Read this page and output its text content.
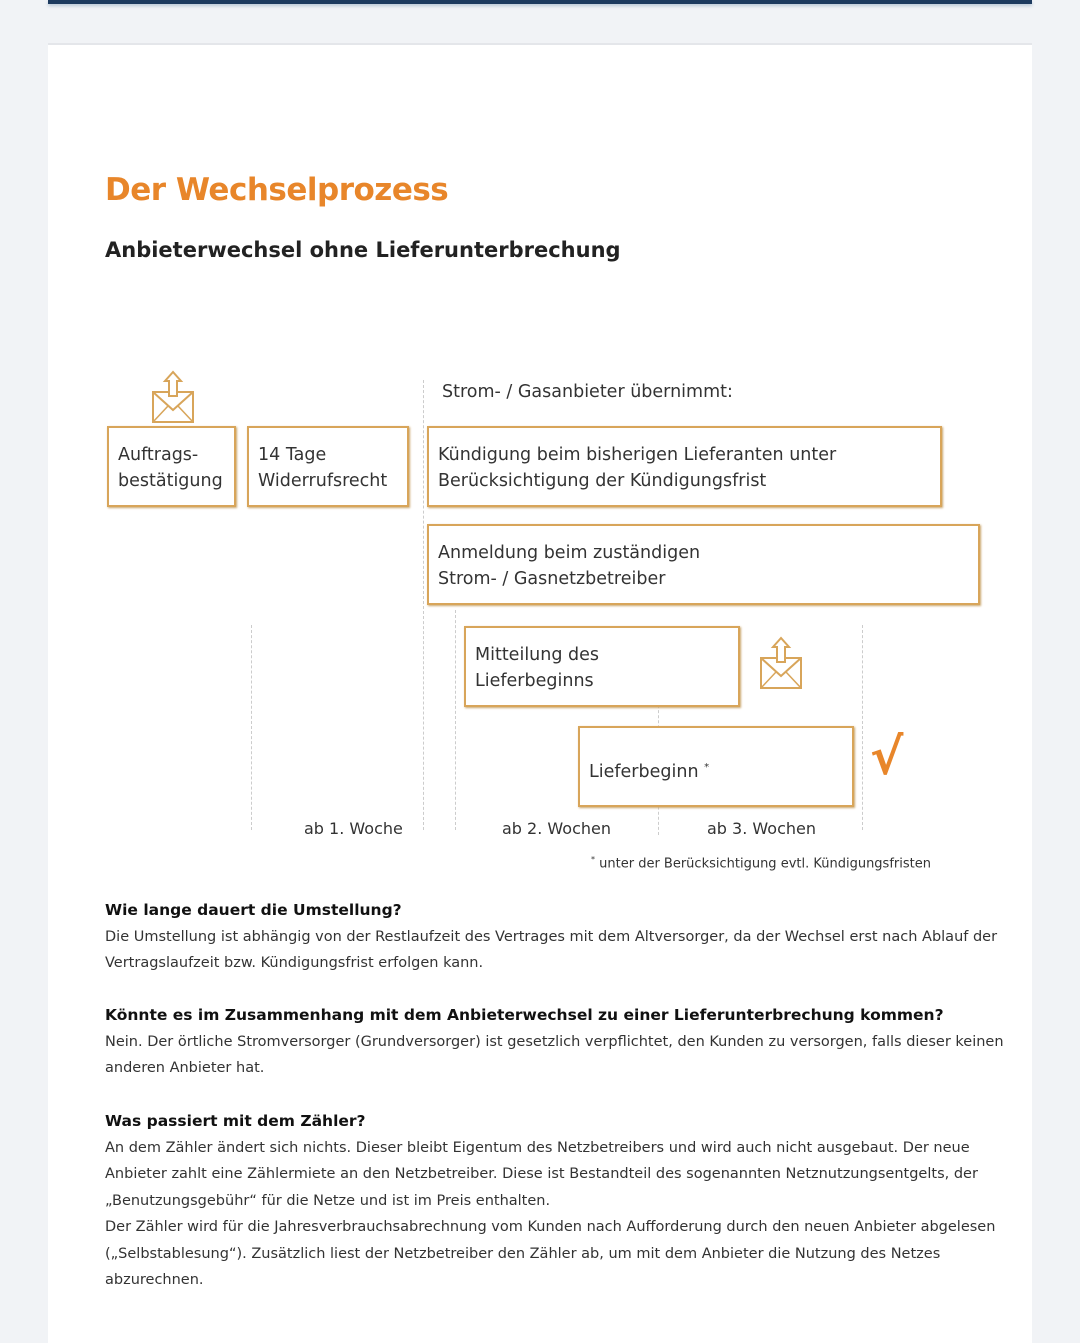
Der Wechselprozess
Anbieterwechsel ohne Lieferunterbrechung
Strom- / Gasanbieter übernimmt:
Auftrags-
bestätigung
14 Tage
Widerrufsrecht
Kündigung beim bisherigen Lieferanten unter
Berücksichtigung der Kündigungsfrist
Anmeldung beim zuständigen
Strom- / Gasnetzbetreiber
Mitteilung des
Lieferbeginns
Lieferbeginn *	√
ab 1. Woche	ab 2. Wochen	ab 3. Wochen
* unter der Berücksichtigung evtl. Kündigungsfristen
Wie lange dauert die Umstellung?
Die Umstellung ist abhängig von der Restlaufzeit des Vertrages mit dem Altversorger, da der Wechsel erst nach Ablauf der Vertragslaufzeit bzw. Kündigungsfrist erfolgen kann.
Könnte es im Zusammenhang mit dem Anbieterwechsel zu einer Lieferunterbrechung kommen?
Nein. Der örtliche Stromversorger (Grundversorger) ist gesetzlich verpflichtet, den Kunden zu versorgen, falls dieser keinen anderen Anbieter hat.
Was passiert mit dem Zähler?
An dem Zähler ändert sich nichts. Dieser bleibt Eigentum des Netzbetreibers und wird auch nicht ausgebaut. Der neue Anbieter zahlt eine Zählermiete an den Netzbetreiber. Diese ist Bestandteil des sogenannten Netznutzungsentgelts, der „Benutzungsgebühr“ für die Netze und ist im Preis enthalten.
Der Zähler wird für die Jahresverbrauchsabrechnung vom Kunden nach Aufforderung durch den neuen Anbieter abgelesen („Selbstablesung“). Zusätzlich liest der Netzbetreiber den Zähler ab, um mit dem Anbieter die Nutzung des Netzes abzurechnen.
